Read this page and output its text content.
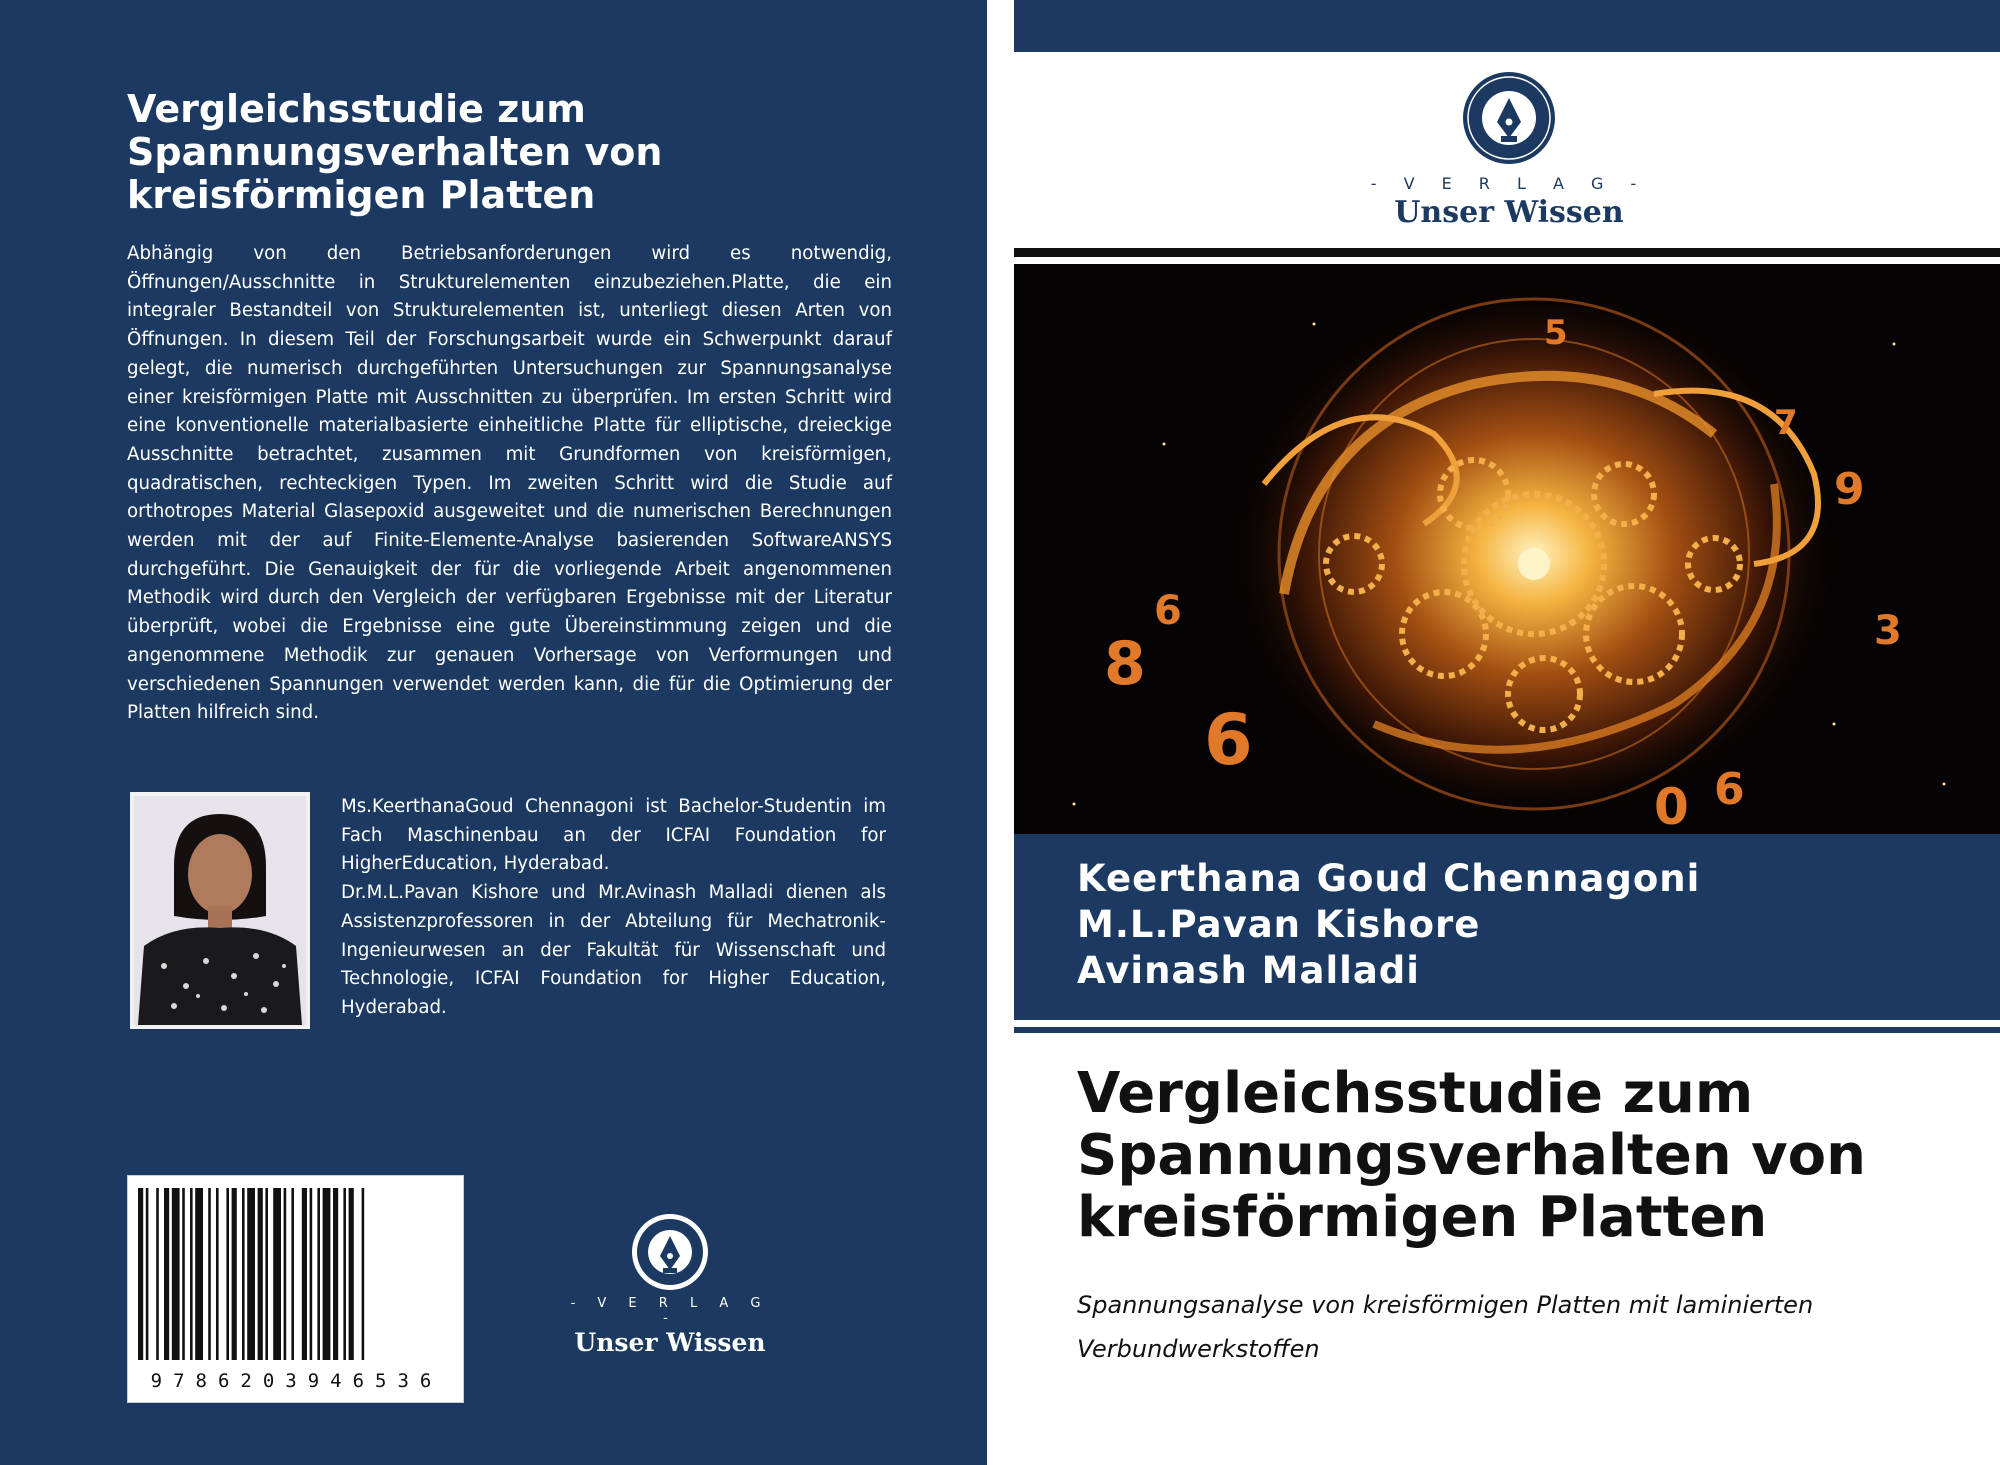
Vergleichsstudie zum Spannungsverhalten von kreisförmigen Platten
Abhängig von den Betriebsanforderungen wird es notwendig, Öffnungen/Ausschnitte in Strukturelementen einzubeziehen.Platte, die ein integraler Bestandteil von Strukturelementen ist, unterliegt diesen Arten von Öffnungen. In diesem Teil der Forschungsarbeit wurde ein Schwerpunkt darauf gelegt, die numerisch durchgeführten Untersuchungen zur Spannungsanalyse einer kreisförmigen Platte mit Ausschnitten zu überprüfen. Im ersten Schritt wird eine konventionelle materialbasierte einheitliche Platte für elliptische, dreieckige Ausschnitte betrachtet, zusammen mit Grundformen von kreisförmigen, quadratischen, rechteckigen Typen. Im zweiten Schritt wird die Studie auf orthotropes Material Glasepoxid ausgeweitet und die numerischen Berechnungen werden mit der auf Finite-Elemente-Analyse basierenden SoftwareANSYS durchgeführt. Die Genauigkeit der für die vorliegende Arbeit angenommenen Methodik wird durch den Vergleich der verfügbaren Ergebnisse mit der Literatur überprüft, wobei die Ergebnisse eine gute Übereinstimmung zeigen und die angenommene Methodik zur genauen Vorhersage von Verformungen und verschiedenen Spannungen verwendet werden kann, die für die Optimierung der Platten hilfreich sind.

Ms.KeerthanaGoud Chennagoni ist Bachelor-Studentin im Fach Maschinenbau an der ICFAI Foundation for HigherEducation, Hyderabad.

Dr.M.L.Pavan Kishore und Mr.Avinash Malladi dienen als Assistenzprofessoren in der Abteilung für Mechatronik-Ingenieurwesen an der Fakultät für Wissenschaft und Technologie, ICFAI Foundation for Higher Education, Hyderabad.

9786203946536
- V E R L A G -
Unser Wissen
- V E R L A G -
Unser Wissen
8
6
6
9
3
0 6
5
7
Keerthana Goud Chennagoni
M.L.Pavan Kishore
Avinash Malladi
Vergleichsstudie zum Spannungsverhalten von kreisförmigen Platten
Spannungsanalyse von kreisförmigen Platten mit laminierten Verbundwerkstoffen
